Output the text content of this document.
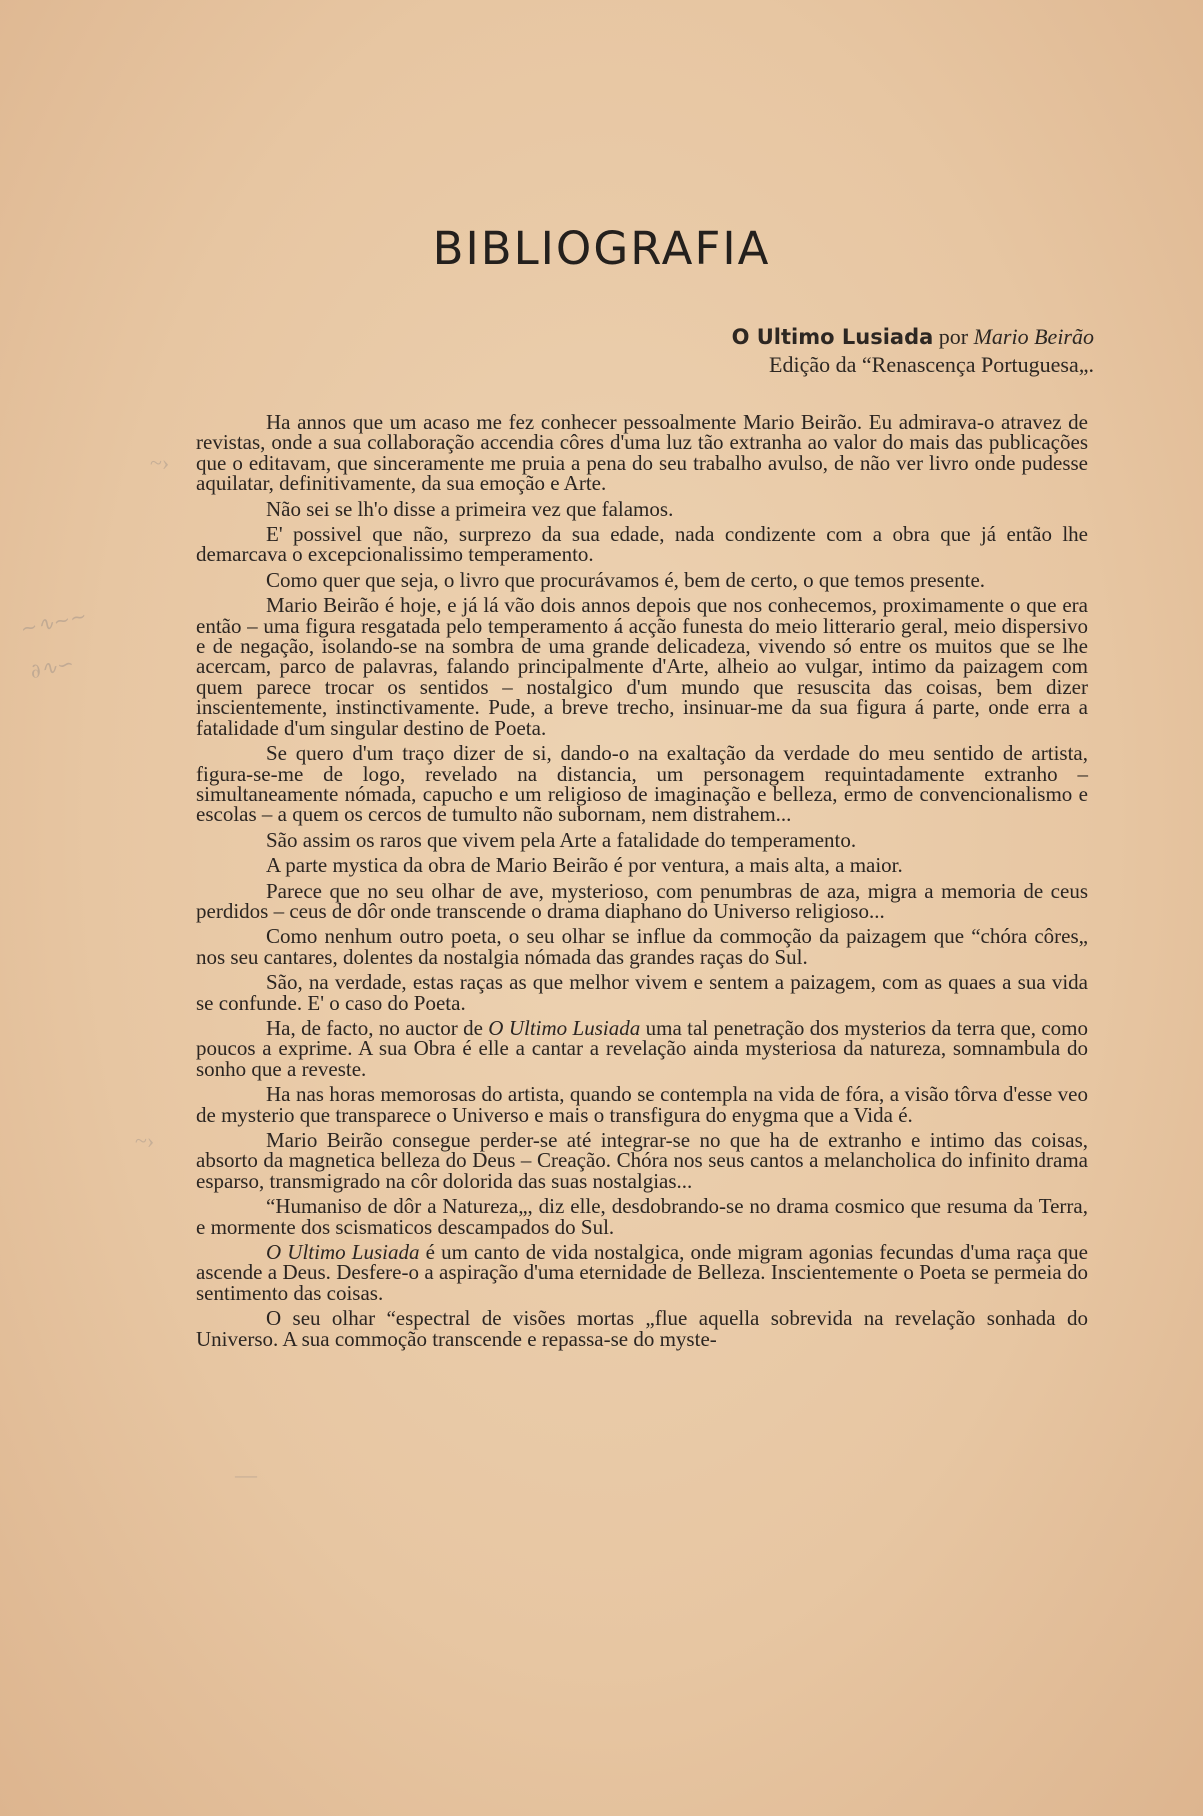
~∿~~
∂∿∽
~›
~›
—
BIBLIOGRAFIA
O Ultimo Lusiada por Mario Beirão
Edição da “Renascença Portuguesa„.

Ha annos que um acaso me fez conhecer pessoalmente Mario Beirão. Eu admirava-o atravez de revistas, onde a sua collaboração accendia côres d'uma luz tão extranha ao valor do mais das publicações que o editavam, que sinceramente me pruia a pena do seu trabalho avulso, de não ver livro onde pudesse aquilatar, definitivamente, da sua emoção e Arte.

Não sei se lh'o disse a primeira vez que falamos.

E' possivel que não, surprezo da sua edade, nada condizente com a obra que já então lhe demarcava o excepcionalissimo temperamento.

Como quer que seja, o livro que procurávamos é, bem de certo, o que temos presente.

Mario Beirão é hoje, e já lá vão dois annos depois que nos conhecemos, proximamente o que era então – uma figura resgatada pelo temperamento á acção funesta do meio litterario geral, meio dispersivo e de negação, isolando-se na sombra de uma grande delicadeza, vivendo só entre os muitos que se lhe acercam, parco de palavras, falando principalmente d'Arte, alheio ao vulgar, intimo da paizagem com quem parece trocar os sentidos – nostalgico d'um mundo que resuscita das coisas, bem dizer inscientemente, instinctivamente. Pude, a breve trecho, insinuar-me da sua figura á parte, onde erra a fatalidade d'um singular destino de Poeta.

Se quero d'um traço dizer de si, dando-o na exaltação da verdade do meu sentido de artista, figura-se-me de logo, revelado na distancia, um personagem requintadamente extranho – simultaneamente nómada, capucho e um religioso de imaginação e belleza, ermo de convencionalismo e escolas – a quem os cercos de tumulto não subornam, nem distrahem...

São assim os raros que vivem pela Arte a fatalidade do temperamento.

A parte mystica da obra de Mario Beirão é por ventura, a mais alta, a maior.

Parece que no seu olhar de ave, mysterioso, com penumbras de aza, migra a memoria de ceus perdidos – ceus de dôr onde transcende o drama diaphano do Universo religioso...

Como nenhum outro poeta, o seu olhar se influe da commoção da paizagem que “chóra côres„ nos seu cantares, dolentes da nostalgia nómada das grandes raças do Sul.

São, na verdade, estas raças as que melhor vivem e sentem a paizagem, com as quaes a sua vida se confunde. E' o caso do Poeta.

Ha, de facto, no auctor de O Ultimo Lusiada uma tal penetração dos mysterios da terra que, como poucos a exprime. A sua Obra é elle a cantar a revelação ainda mysteriosa da natureza, somnambula do sonho que a reveste.

Ha nas horas memorosas do artista, quando se contempla na vida de fóra, a visão tôrva d'esse veo de mysterio que transparece o Universo e mais o transfigura do enygma que a Vida é.

Mario Beirão consegue perder-se até integrar-se no que ha de extranho e intimo das coisas, absorto da magnetica belleza do Deus – Creação. Chóra nos seus cantos a melancholica do infinito drama esparso, transmigrado na côr dolorida das suas nostalgias...

“Humaniso de dôr a Natureza„, diz elle, desdobrando-se no drama cosmico que resuma da Terra, e mormente dos scismaticos descampados do Sul.

O Ultimo Lusiada é um canto de vida nostalgica, onde migram agonias fecundas d'uma raça que ascende a Deus. Desfere-o a aspiração d'uma eternidade de Belleza. Inscientemente o Poeta se permeia do sentimento das coisas.

O seu olhar “espectral de visões mortas „flue aquella sobrevida na revelação sonhada do Universo. A sua commoção transcende e repassa-se do myste-
